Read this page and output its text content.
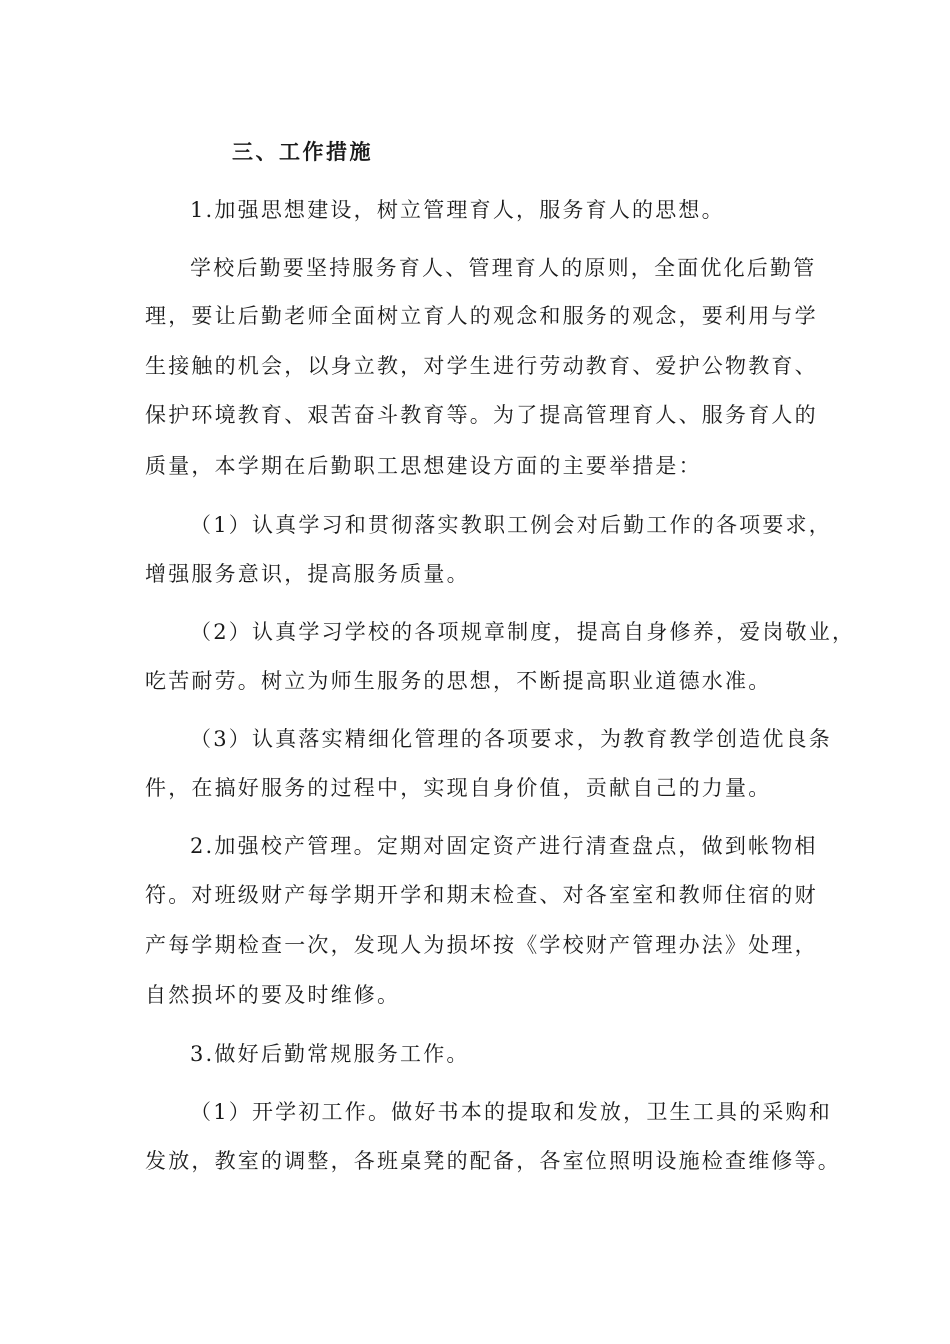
三、工作措施
1.加强思想建设，树立管理育人，服务育人的思想。
学校后勤要坚持服务育人、管理育人的原则，全面优化后勤管
理，要让后勤老师全面树立育人的观念和服务的观念，要利用与学
生接触的机会，以身立教，对学生进行劳动教育、爱护公物教育、
保护环境教育、艰苦奋斗教育等。为了提高管理育人、服务育人的
质量，本学期在后勤职工思想建设方面的主要举措是：
（1）认真学习和贯彻落实教职工例会对后勤工作的各项要求，
增强服务意识，提高服务质量。
（2）认真学习学校的各项规章制度，提高自身修养，爱岗敬业，
吃苦耐劳。树立为师生服务的思想，不断提高职业道德水准。
（3）认真落实精细化管理的各项要求，为教育教学创造优良条
件，在搞好服务的过程中，实现自身价值，贡献自己的力量。
2.加强校产管理。定期对固定资产进行清查盘点，做到帐物相
符。对班级财产每学期开学和期末检查、对各室室和教师住宿的财
产每学期检查一次，发现人为损坏按《学校财产管理办法》处理，
自然损坏的要及时维修。
3.做好后勤常规服务工作。
（1）开学初工作。做好书本的提取和发放，卫生工具的采购和
发放，教室的调整，各班桌凳的配备，各室位照明设施检查维修等。
